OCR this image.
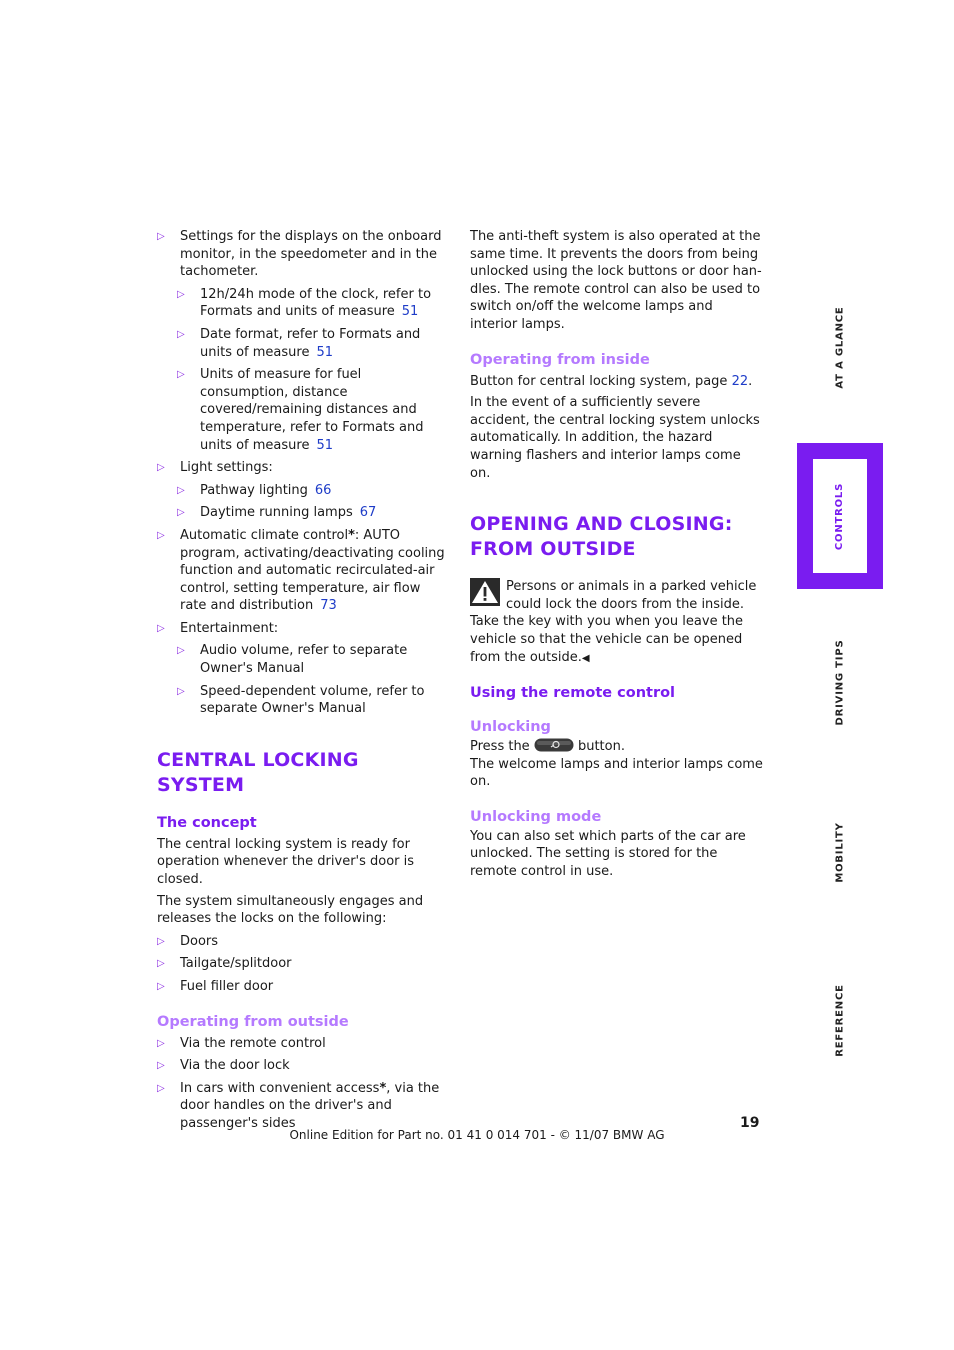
▷ Settings for the displays on the onboard monitor, in the speedometer and in the tachometer.
▷ 12h/24h mode of the clock, refer to Formats and units of measure 51
▷ Date format, refer to Formats and units of measure 51
▷ Units of measure for fuel consumption, distance covered/remaining distances and temperature, refer to Formats and units of measure 51
▷ Light settings:
▷ Pathway lighting 66
▷ Daytime running lamps 67
▷ Automatic climate control*: AUTO program, activating/deactivating cooling function and automatic recirculated-air control, setting temperature, air flow rate and distribution 73
▷ Entertainment:
▷ Audio volume, refer to separate Owner's Manual
▷ Speed-dependent volume, refer to separate Owner's Manual
CENTRAL LOCKING SYSTEM
The concept

The central locking system is ready for operation whenever the driver's door is closed.

The system simultaneously engages and releases the locks on the following:

▷ Doors
▷ Tailgate/splitdoor
▷ Fuel filler door
Operating from outside
▷ Via the remote control
▷ Via the door lock
▷ In cars with convenient access*, via the door handles on the driver's and passenger's sides

The anti-theft system is also operated at the same time. It prevents the doors from being unlocked using the lock buttons or door handles. The remote control can also be used to switch on/off the welcome lamps and interior lamps.

Operating from inside

Button for central locking system, page 22.

In the event of a sufficiently severe accident, the central locking system unlocks automatically. In addition, the hazard warning flashers and interior lamps come on.

OPENING AND CLOSING:
FROM OUTSIDE

Persons or animals in a parked vehicle could lock the doors from the inside. Take the key with you when you leave the vehicle so that the vehicle can be opened from the outside.◀

Using the remote control
Unlocking

Press the	button.

The welcome lamps and interior lamps come on.

Unlocking mode

You can also set which parts of the car are unlocked. The setting is stored for the remote control in use.

AT A GLANCE
CONTROLS
DRIVING TIPS
MOBILITY
REFERENCE
19
Online Edition for Part no. 01 41 0 014 701 - © 11/07 BMW AG
